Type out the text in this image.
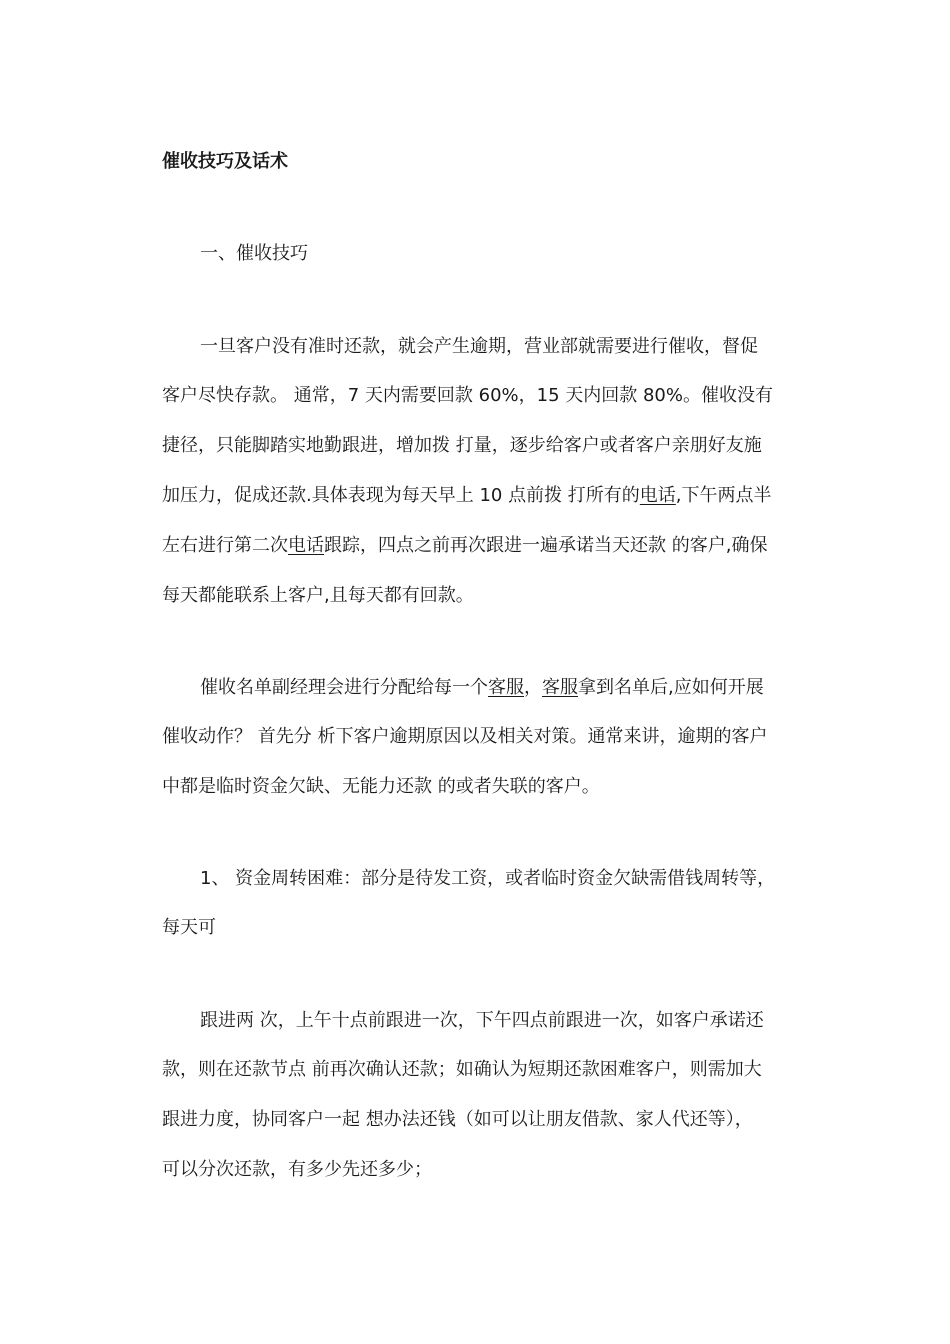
催收技巧及话术
一、催收技巧
一旦客户没有准时还款，就会产生逾期，营业部就需要进行催收，督促
客户尽快存款。 通常，7 天内需要回款 60%，15 天内回款 80%。催收没有
捷径，只能脚踏实地勤跟进，增加拨 打量，逐步给客户或者客户亲朋好友施
加压力，促成还款.具体表现为每天早上 10 点前拨 打所有的电话,下午两点半
左右进行第二次电话跟踪，四点之前再次跟进一遍承诺当天还款 的客户,确保
每天都能联系上客户,且每天都有回款。
催收名单副经理会进行分配给每一个客服，客服拿到名单后,应如何开展
催收动作？ 首先分 析下客户逾期原因以及相关对策。通常来讲，逾期的客户
中都是临时资金欠缺、无能力还款 的或者失联的客户。
1、 资金周转困难：部分是待发工资，或者临时资金欠缺需借钱周转等，
每天可
跟进两 次，上午十点前跟进一次，下午四点前跟进一次，如客户承诺还
款，则在还款节点 前再次确认还款；如确认为短期还款困难客户，则需加大
跟进力度，协同客户一起 想办法还钱（如可以让朋友借款、家人代还等），
可以分次还款，有多少先还多少；
